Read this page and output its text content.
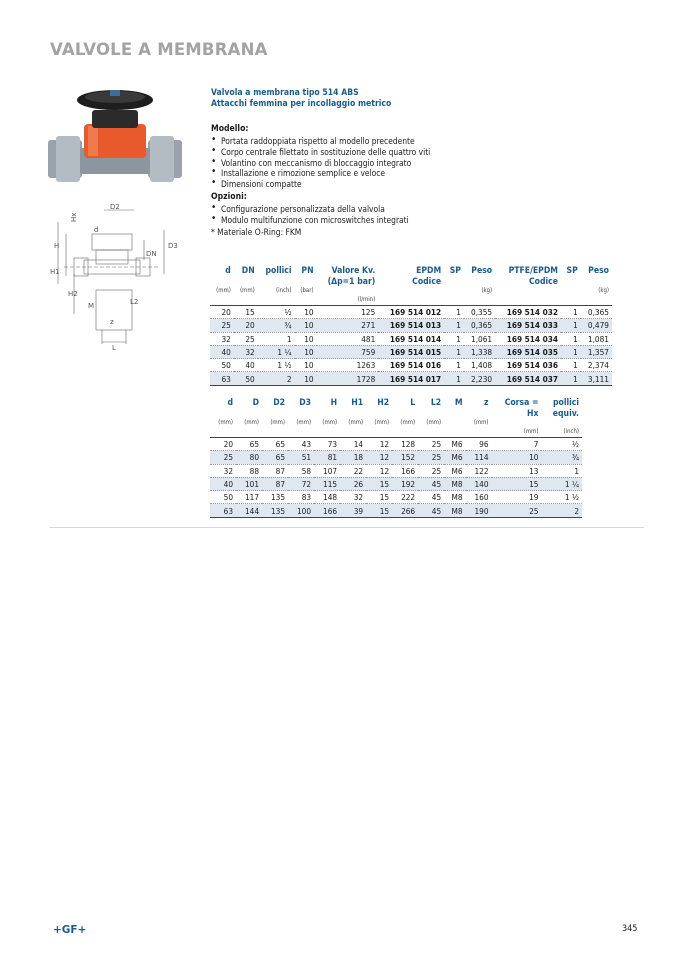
VALVOLE A MEMBRANA
Hx
D2
H
d
DN
D3
H1
H2
M	L2
z
L
Valvola a membrana tipo 514 ABS
Attacchi femmina per incollaggio metrico
Modello:
• Portata raddoppiata rispetto al modello precedente
• Corpo centrale filettato in sostituzione delle quattro viti
• Volantino con meccanismo di bloccaggio integrato
• Installazione e rimozione semplice e veloce
• Dimensioni compatte
Opzioni:
• Configurazione personalizzata della valvola
• Modulo multifunzione con microswitches integrati
* Materiale O-Ring: FKM
d	DN	pollici	PN	Valore Kv.	EPDM	SP	Peso	PTFE/EPDM	SP	Peso
				(Δp=1 bar)	Codice			Codice		
(mm)	(mm)	(inch)	(bar)				(kg)			(kg)
				(l/min)						
20	15	½	10	125	169 514 012	1	0,355	169 514 032	1	0,365
25	20	¾	10	271	169 514 013	1	0,365	169 514 033	1	0,479
32	25	1	10	481	169 514 014	1	1,061	169 514 034	1	1,081
40	32	1 ¼	10	759	169 514 015	1	1,338	169 514 035	1	1,357
50	40	1 ½	10	1263	169 514 016	1	1,408	169 514 036	1	2,374
63	50	2	10	1728	169 514 017	1	2,230	169 514 037	1	3,111
d	D	D2	D3	H	H1	H2	L	L2	M	z	Corsa =	pollici
											Hx	equiv.
(mm)	(mm)	(mm)	(mm)	(mm)	(mm)	(mm)	(mm)	(mm)		(mm)		
											(mm)	(inch)
20	65	65	43	73	14	12	128	25	M6	96	7	½
25	80	65	51	81	18	12	152	25	M6	114	10	¾
32	88	87	58	107	22	12	166	25	M6	122	13	1
40	101	87	72	115	26	15	192	45	M8	140	15	1 ¼
50	117	135	83	148	32	15	222	45	M8	160	19	1 ½
63	144	135	100	166	39	15	266	45	M8	190	25	2
+GF+	345
